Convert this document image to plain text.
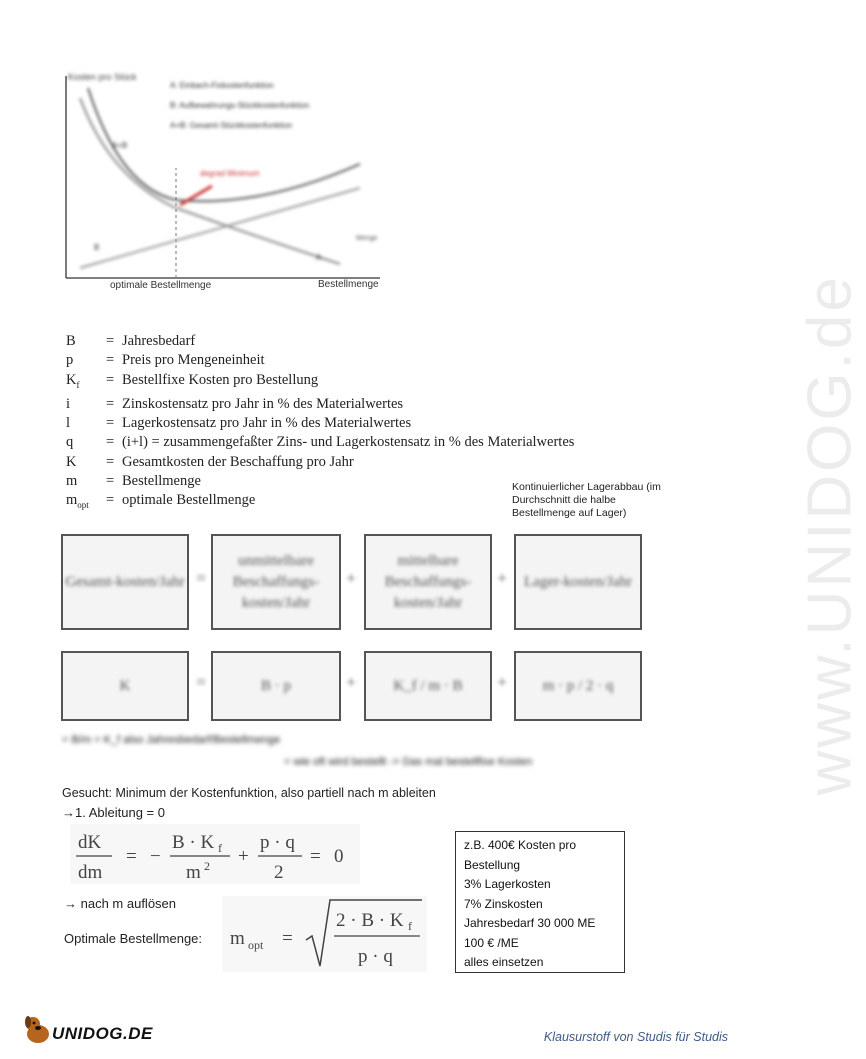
www.UNIDOG.de
Kosten pro Stück
A: Einbach-Fixkostenfunktion
B: Aufbewahrungs-Stückkostenfunktion
A+B: Gesamt-Stückkostenfunktion
A+B
degrad Minimum
B
A
Menge
optimale Bestellmenge	Bestellmenge
B	= Jahresbedarf
p	= Preis pro Mengeneinheit
$K_f$	= Bestellfixe Kosten pro Bestellung
i	= Zinskostensatz pro Jahr in % des Materialwertes
l	= Lagerkostensatz pro Jahr in % des Materialwertes
q	= (i+l) = zusammengefaßter Zins- und Lagerkostensatz in % des Materialwertes
K	= Gesamtkosten der Beschaffung pro Jahr
m	= Bestellmenge
$m_{opt}$	= optimale Bestellmenge
Kontinuierlicher Lagerabbau (im Durchschnitt die halbe Bestellmenge auf Lager)
Gesamt-kosten/Jahr =
unmittelbare Beschaffungs-kosten/Jahr
+
mittelbare Beschaffungs-kosten/Jahr
+ Lager-kosten/Jahr
K	=	B · p	+ K_f / m · B + m · p / 2 · q
= B/m = K_f also Jahresbedarf/Bestellmenge
= wie oft wird bestellt -> Das mal bestellfixe Kosten
Gesucht: Minimum der Kostenfunktion, also partiell nach m ableiten
→1. Ableitung = 0
dK
dm
= −
B · K f
m 2 +
p · q
2
= 0
→ nach m auflösen
Optimale Bestellmenge: m opt =
2 · B · K f
p · q
z.B. 400€ Kosten pro
Bestellung
3% Lagerkosten
7% Zinskosten
Jahresbedarf 30 000 ME
100 € /ME
alles einsetzen
UNIDOG.DE	Klausurstoff von Studis für Studis
